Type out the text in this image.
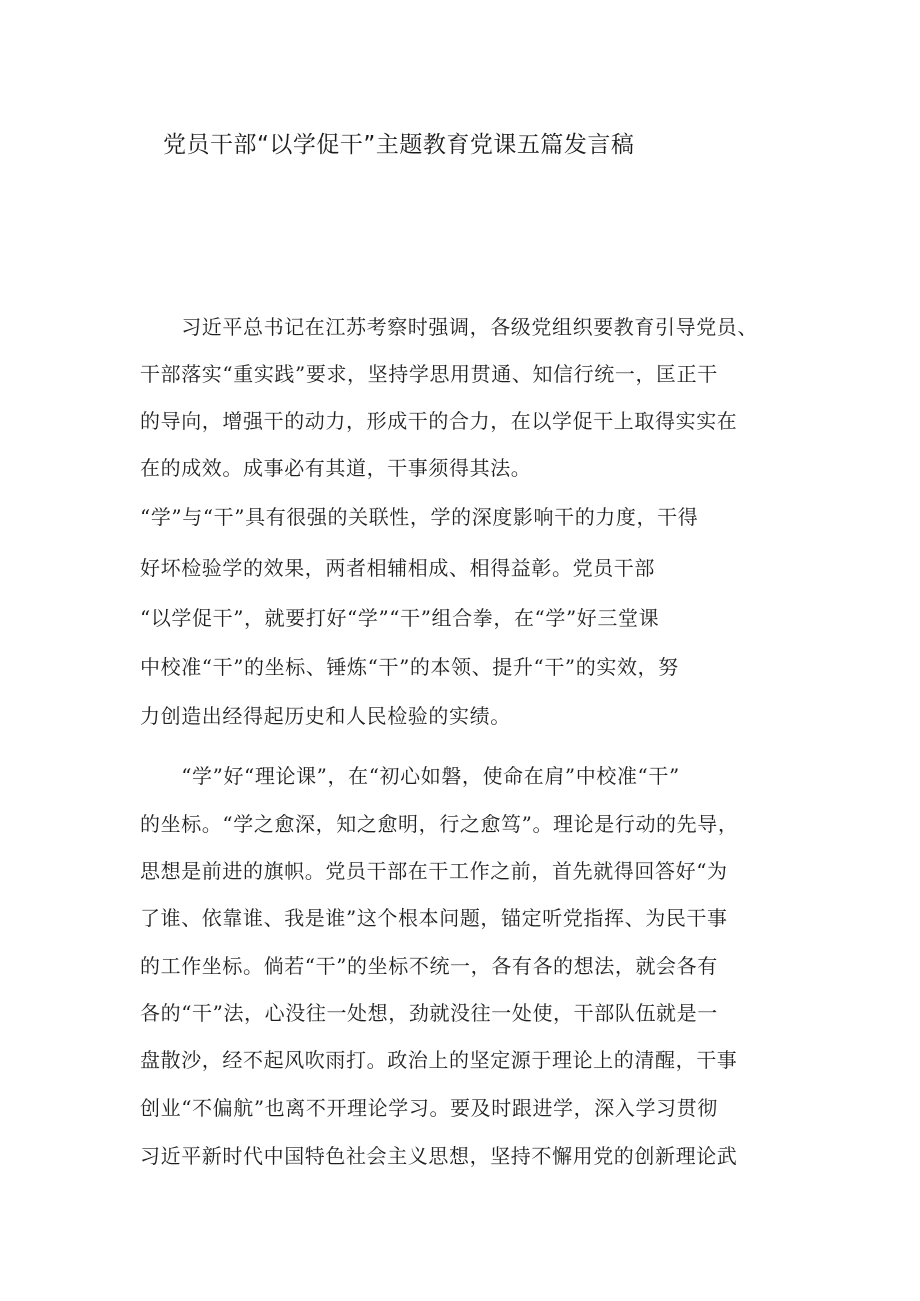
党员干部“以学促干”主题教育党课五篇发言稿
　　习近平总书记在江苏考察时强调，各级党组织要教育引导党员、
干部落实“重实践”要求，坚持学思用贯通、知信行统一，匡正干
的导向，增强干的动力，形成干的合力，在以学促干上取得实实在
在的成效。成事必有其道，干事须得其法。
“学”与“干”具有很强的关联性，学的深度影响干的力度，干得
好坏检验学的效果，两者相辅相成、相得益彰。党员干部
“以学促干”，就要打好“学”“干”组合拳，在“学”好三堂课
中校准“干”的坐标、锤炼“干”的本领、提升“干”的实效，努
力创造出经得起历史和人民检验的实绩。
　　“学”好“理论课”，在“初心如磐，使命在肩”中校准“干”
的坐标。“学之愈深，知之愈明，行之愈笃”。理论是行动的先导，
思想是前进的旗帜。党员干部在干工作之前，首先就得回答好“为
了谁、依靠谁、我是谁”这个根本问题，锚定听党指挥、为民干事
的工作坐标。倘若“干”的坐标不统一，各有各的想法，就会各有
各的“干”法，心没往一处想，劲就没往一处使，干部队伍就是一
盘散沙，经不起风吹雨打。政治上的坚定源于理论上的清醒，干事
创业“不偏航”也离不开理论学习。要及时跟进学，深入学习贯彻
习近平新时代中国特色社会主义思想，坚持不懈用党的创新理论武
